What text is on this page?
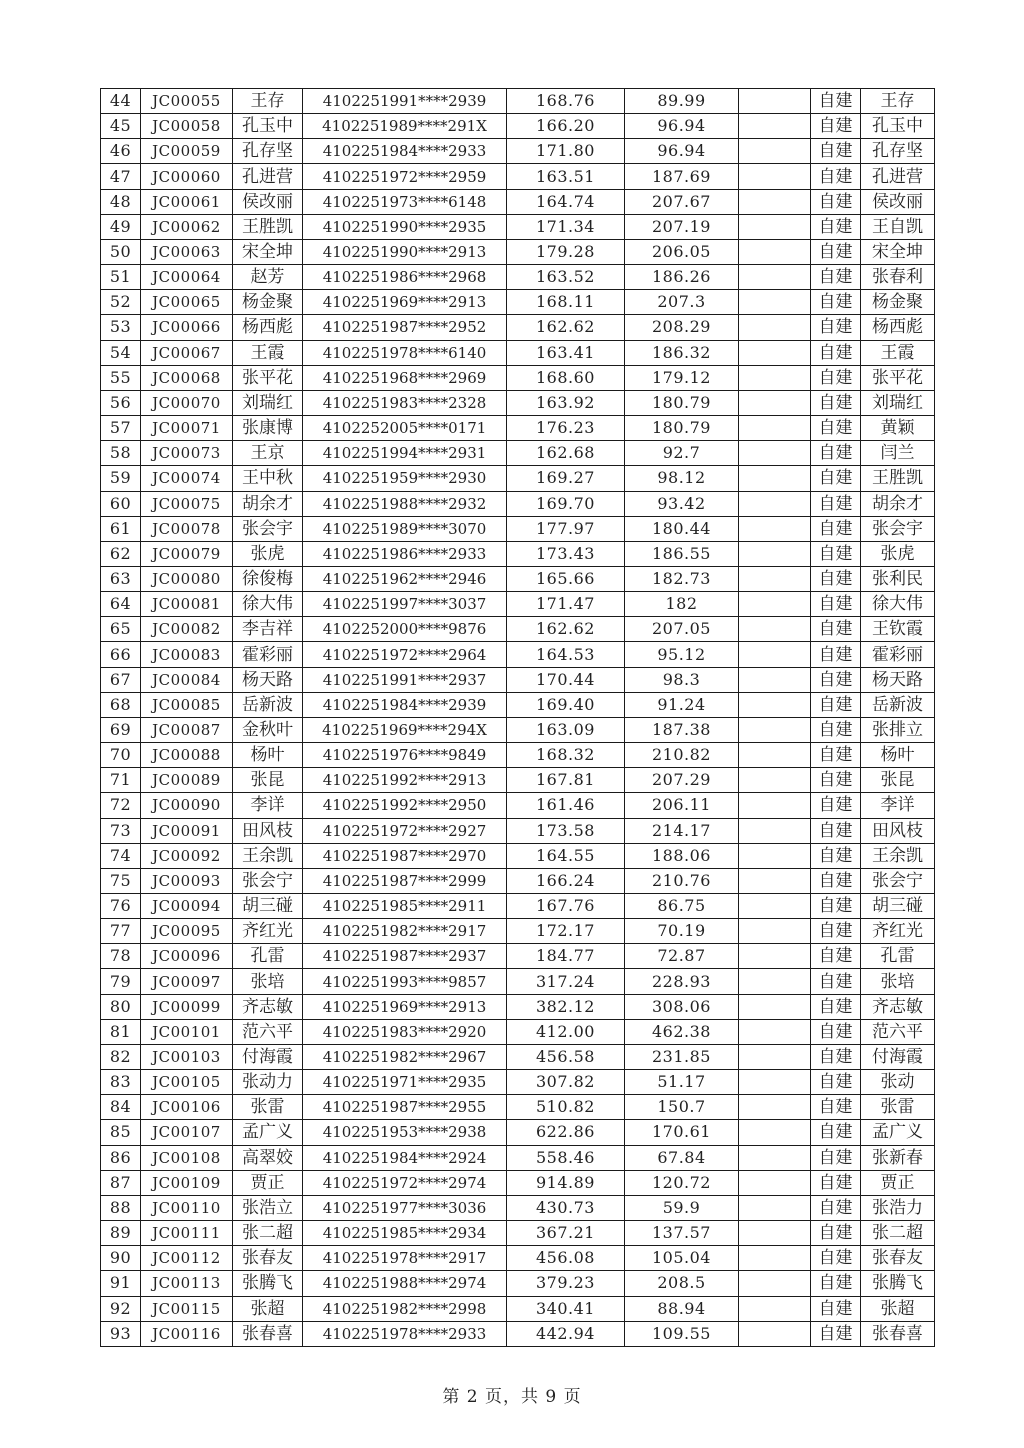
44	JC00055	王存	4102251991****2939	168.76	89.99		自建	王存
45	JC00058	孔玉中	4102251989****291X	166.20	96.94		自建	孔玉中
46	JC00059	孔存坚	4102251984****2933	171.80	96.94		自建	孔存坚
47	JC00060	孔进营	4102251972****2959	163.51	187.69		自建	孔进营
48	JC00061	侯改丽	4102251973****6148	164.74	207.67		自建	侯改丽
49	JC00062	王胜凯	4102251990****2935	171.34	207.19		自建	王自凯
50	JC00063	宋全坤	4102251990****2913	179.28	206.05		自建	宋全坤
51	JC00064	赵芳	4102251986****2968	163.52	186.26		自建	张春利
52	JC00065	杨金聚	4102251969****2913	168.11	207.3		自建	杨金聚
53	JC00066	杨西彪	4102251987****2952	162.62	208.29		自建	杨西彪
54	JC00067	王霞	4102251978****6140	163.41	186.32		自建	王霞
55	JC00068	张平花	4102251968****2969	168.60	179.12		自建	张平花
56	JC00070	刘瑞红	4102251983****2328	163.92	180.79		自建	刘瑞红
57	JC00071	张康博	4102252005****0171	176.23	180.79		自建	黄颖
58	JC00073	王京	4102251994****2931	162.68	92.7		自建	闫兰
59	JC00074	王中秋	4102251959****2930	169.27	98.12		自建	王胜凯
60	JC00075	胡余才	4102251988****2932	169.70	93.42		自建	胡余才
61	JC00078	张会宇	4102251989****3070	177.97	180.44		自建	张会宇
62	JC00079	张虎	4102251986****2933	173.43	186.55		自建	张虎
63	JC00080	徐俊梅	4102251962****2946	165.66	182.73		自建	张利民
64	JC00081	徐大伟	4102251997****3037	171.47	182		自建	徐大伟
65	JC00082	李吉祥	4102252000****9876	162.62	207.05		自建	王钦霞
66	JC00083	霍彩丽	4102251972****2964	164.53	95.12		自建	霍彩丽
67	JC00084	杨天路	4102251991****2937	170.44	98.3		自建	杨天路
68	JC00085	岳新波	4102251984****2939	169.40	91.24		自建	岳新波
69	JC00087	金秋叶	4102251969****294X	163.09	187.38		自建	张排立
70	JC00088	杨叶	4102251976****9849	168.32	210.82		自建	杨叶
71	JC00089	张昆	4102251992****2913	167.81	207.29		自建	张昆
72	JC00090	李详	4102251992****2950	161.46	206.11		自建	李详
73	JC00091	田风枝	4102251972****2927	173.58	214.17		自建	田风枝
74	JC00092	王余凯	4102251987****2970	164.55	188.06		自建	王余凯
75	JC00093	张会宁	4102251987****2999	166.24	210.76		自建	张会宁
76	JC00094	胡三碰	4102251985****2911	167.76	86.75		自建	胡三碰
77	JC00095	齐红光	4102251982****2917	172.17	70.19		自建	齐红光
78	JC00096	孔雷	4102251987****2937	184.77	72.87		自建	孔雷
79	JC00097	张培	4102251993****9857	317.24	228.93		自建	张培
80	JC00099	齐志敏	4102251969****2913	382.12	308.06		自建	齐志敏
81	JC00101	范六平	4102251983****2920	412.00	462.38		自建	范六平
82	JC00103	付海霞	4102251982****2967	456.58	231.85		自建	付海霞
83	JC00105	张动力	4102251971****2935	307.82	51.17		自建	张动
84	JC00106	张雷	4102251987****2955	510.82	150.7		自建	张雷
85	JC00107	孟广义	4102251953****2938	622.86	170.61		自建	孟广义
86	JC00108	高翠姣	4102251984****2924	558.46	67.84		自建	张新春
87	JC00109	贾正	4102251972****2974	914.89	120.72		自建	贾正
88	JC00110	张浩立	4102251977****3036	430.73	59.9		自建	张浩力
89	JC00111	张二超	4102251985****2934	367.21	137.57		自建	张二超
90	JC00112	张春友	4102251978****2917	456.08	105.04		自建	张春友
91	JC00113	张腾飞	4102251988****2974	379.23	208.5		自建	张腾飞
92	JC00115	张超	4102251982****2998	340.41	88.94		自建	张超
93	JC00116	张春喜	4102251978****2933	442.94	109.55		自建	张春喜
第 2 页，共 9 页
